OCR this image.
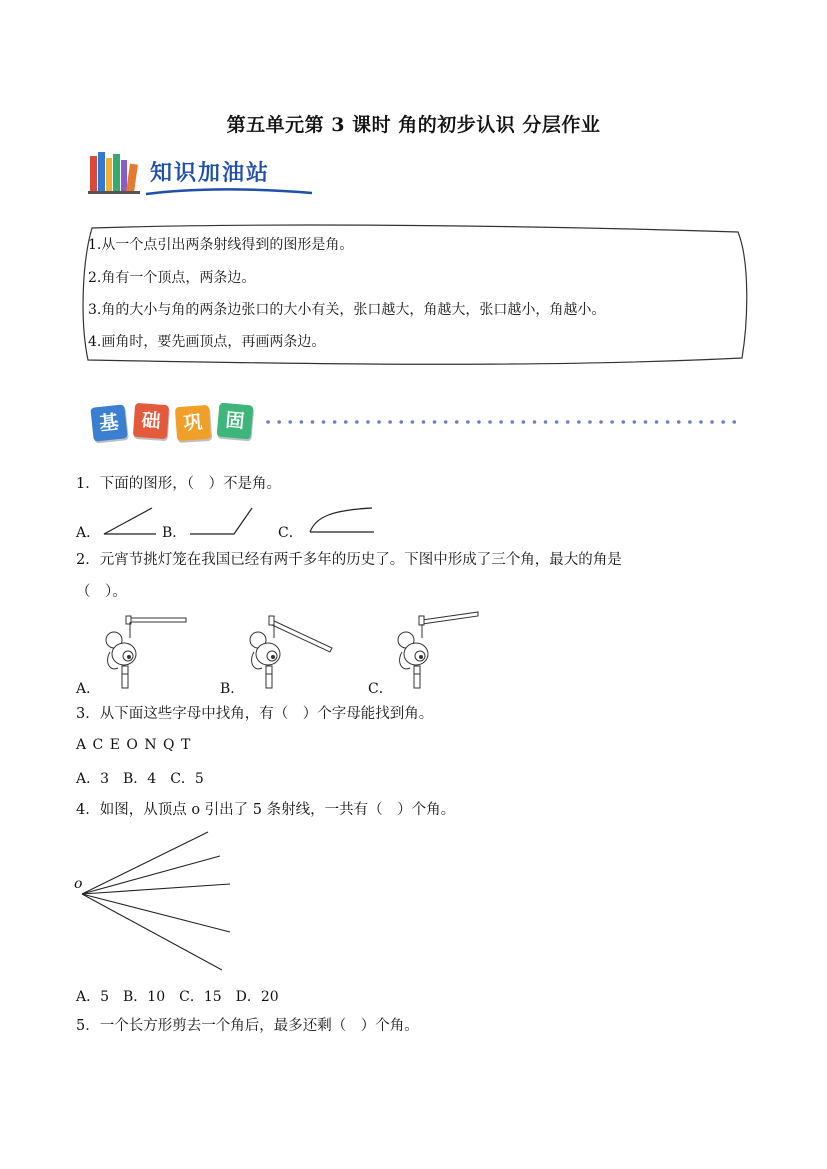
第五单元第 3 课时 角的初步认识 分层作业
知识加油站
1.从一个点引出两条射线得到的图形是角。
2.角有一个顶点，两条边。
3.角的大小与角的两条边张口的大小有关，张口越大，角越大，张口越小，角越小。
4.画角时，要先画顶点，再画两条边。
基	础	巩	固
1．下面的图形，（　）不是角。
A．	B．	C．
2．元宵节挑灯笼在我国已经有两千多年的历史了。下图中形成了三个角，最大的角是
（　）。
A．	B．	C．
3．从下面这些字母中找角，有（　）个字母能找到角。
A C E O N Q T
A．3　B．4　C．5
4．如图，从顶点 o 引出了 5 条射线，一共有（　）个角。
o
A．5　B．10　C．15　D．20
5．一个长方形剪去一个角后，最多还剩（　）个角。
